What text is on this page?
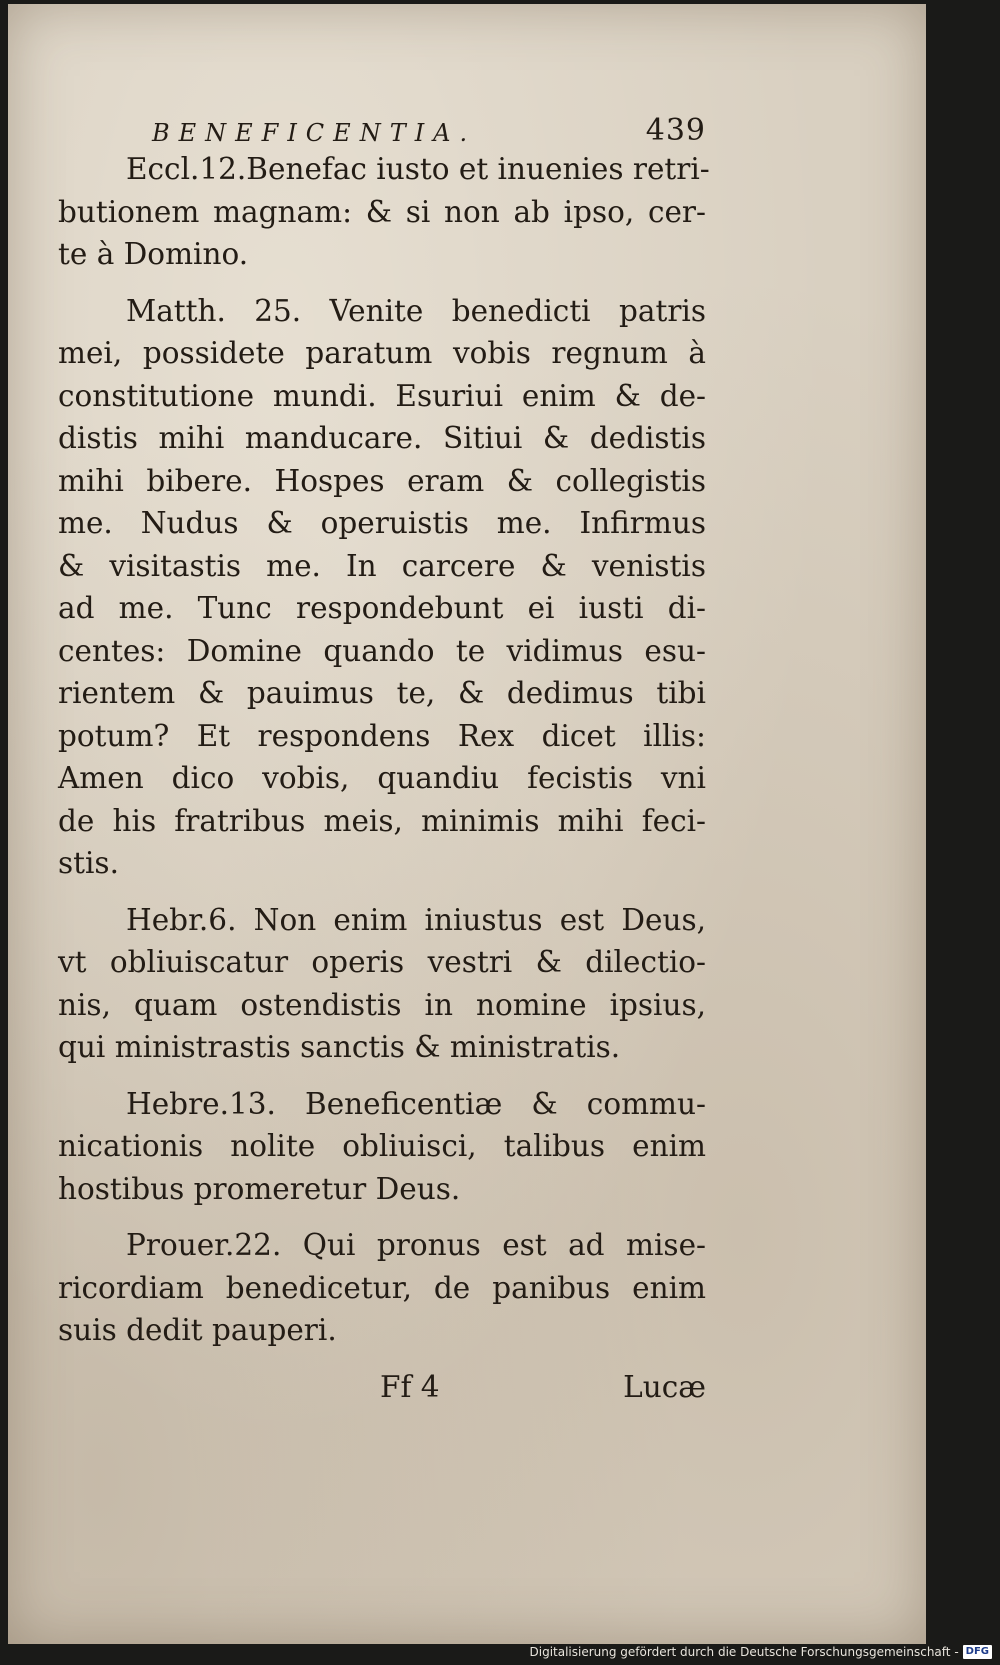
BENEFICENTIA.	439
Eccl.12.Benefac iusto et inuenies retri‑
butionem magnam: & si non ab ipso, cer‑
te à Domino.
Matth. 25. Venite benedicti patris
mei, possidete paratum vobis regnum à
constitutione mundi. Esuriui enim & de‑
distis mihi manducare. Sitiui & dedistis
mihi bibere. Hospes eram & collegistis
me. Nudus & operuistis me. Infirmus
& visitastis me. In carcere & venistis
ad me. Tunc respondebunt ei iusti di‑
centes: Domine quando te vidimus esu‑
rientem & pauimus te, & dedimus tibi
potum? Et respondens Rex dicet illis:
Amen dico vobis, quandiu fecistis vni
de his fratribus meis, minimis mihi feci‑
stis.
Hebr.6. Non enim iniustus est Deus,
vt obliuiscatur operis vestri & dilectio‑
nis, quam ostendistis in nomine ipsius,
qui ministrastis sanctis & ministratis.
Hebre.13. Beneficentiæ & commu‑
nicationis nolite obliuisci, talibus enim
hostibus promeretur Deus.
Prouer.22. Qui pronus est ad mise‑
ricordiam benedicetur, de panibus enim
suis dedit pauperi.
Ff 4	Lucæ
Digitalisierung gefördert durch die Deutsche Forschungsgemeinschaft - DFG
